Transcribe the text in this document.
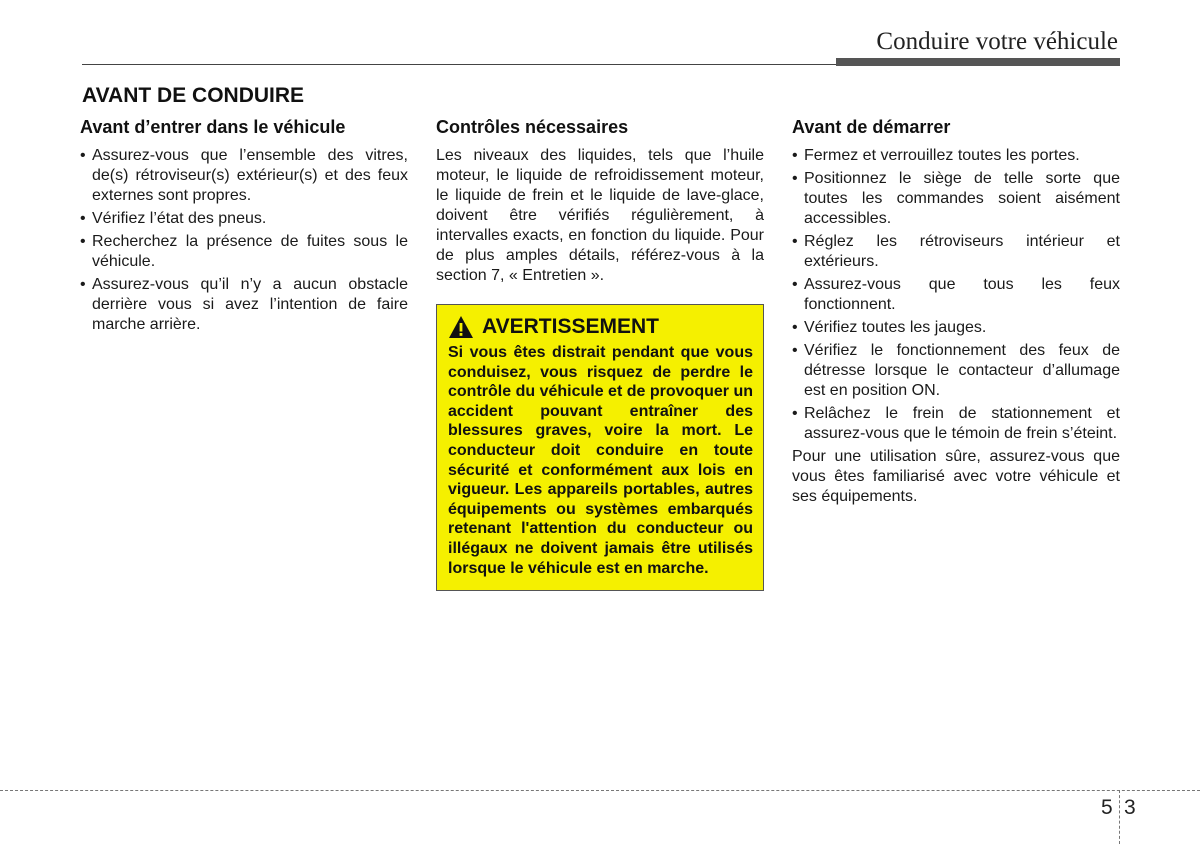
Conduire votre véhicule
AVANT DE CONDUIRE
Avant d’entrer dans le véhicule
• Assurez-vous que l’ensemble des vitres, de(s) rétroviseur(s) extérieur(s) et des feux externes sont propres.
• Vérifiez l’état des pneus.
• Recherchez la présence de fuites sous le véhicule.
• Assurez-vous qu’il n’y a aucun obstacle derrière vous si avez l’intention de faire marche arrière.
Contrôles nécessaires

Les niveaux des liquides, tels que l’huile moteur, le liquide de refroidissement moteur, le liquide de frein et le liquide de lave-glace, doivent être vérifiés régulièrement, à intervalles exacts, en fonction du liquide. Pour de plus amples détails, référez-vous à la section 7, « Entretien ».

AVERTISSEMENT
Si vous êtes distrait pendant que vous conduisez, vous risquez de perdre le contrôle du véhicule et de provoquer un accident pouvant entraîner des blessures graves, voire la mort. Le conducteur doit conduire en toute sécurité et conformément aux lois en vigueur. Les appareils portables, autres équipements ou systèmes embarqués retenant l'attention du conducteur ou illégaux ne doivent jamais être utilisés lorsque le véhicule est en marche.
Avant de démarrer
• Fermez et verrouillez toutes les portes.
• Positionnez le siège de telle sorte que toutes les commandes soient aisément accessibles.
• Réglez les rétroviseurs intérieur et extérieurs.
• Assurez-vous que tous les feux fonctionnent.
• Vérifiez toutes les jauges.
• Vérifiez le fonctionnement des feux de détresse lorsque le contacteur d’allumage est en position ON.
• Relâchez le frein de stationnement et assurez-vous que le témoin de frein s’éteint.

Pour une utilisation sûre, assurez-vous que vous êtes familiarisé avec votre véhicule et ses équipements.

5 3
